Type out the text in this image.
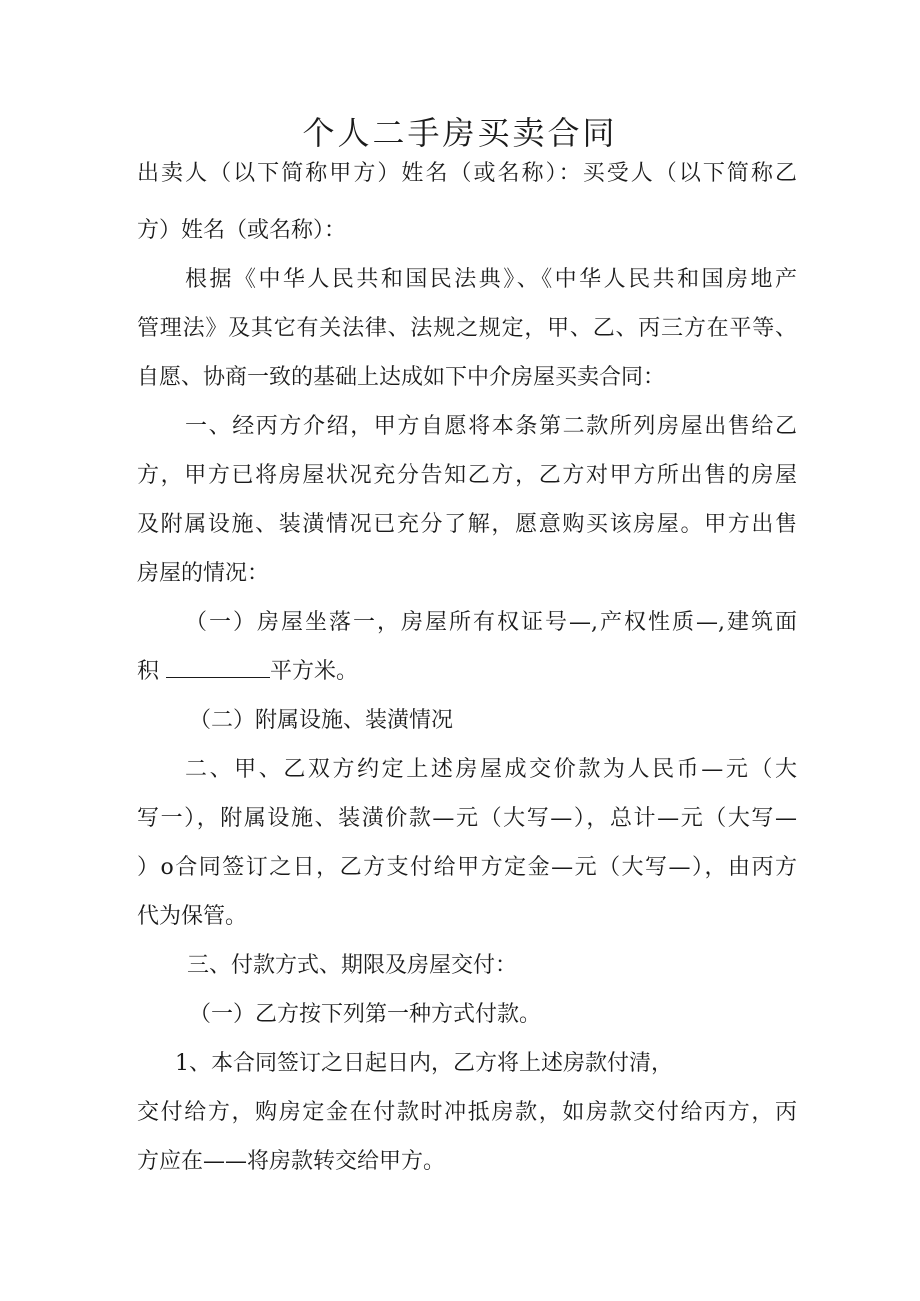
个人二手房买卖合同
出卖人（以下简称甲方）姓名（或名称）：买受人（以下简称乙
方）姓名（或名称）：
根据《中华人民共和国民法典》、《中华人民共和国房地产
管理法》及其它有关法律、法规之规定，甲、乙、丙三方在平等、
自愿、协商一致的基础上达成如下中介房屋买卖合同：
一、经丙方介绍，甲方自愿将本条第二款所列房屋出售给乙
方，甲方已将房屋状况充分告知乙方，乙方对甲方所出售的房屋
及附属设施、装潢情况已充分了解，愿意购买该房屋。甲方出售
房屋的情况：
（一）房屋坐落一，房屋所有权证号—,产权性质—,建筑面
积	平方米。
（二）附属设施、装潢情况
二、甲、乙双方约定上述房屋成交价款为人民币—元（大
写一），附属设施、装潢价款—元（大写—），总计—元（大写—
）o合同签订之日，乙方支付给甲方定金—元（大写—），由丙方
代为保管。
三、付款方式、期限及房屋交付：
（一）乙方按下列第一种方式付款。
1、本合同签订之日起日内，乙方将上述房款付清，
交付给方，购房定金在付款时冲抵房款，如房款交付给丙方，丙
方应在——将房款转交给甲方。
